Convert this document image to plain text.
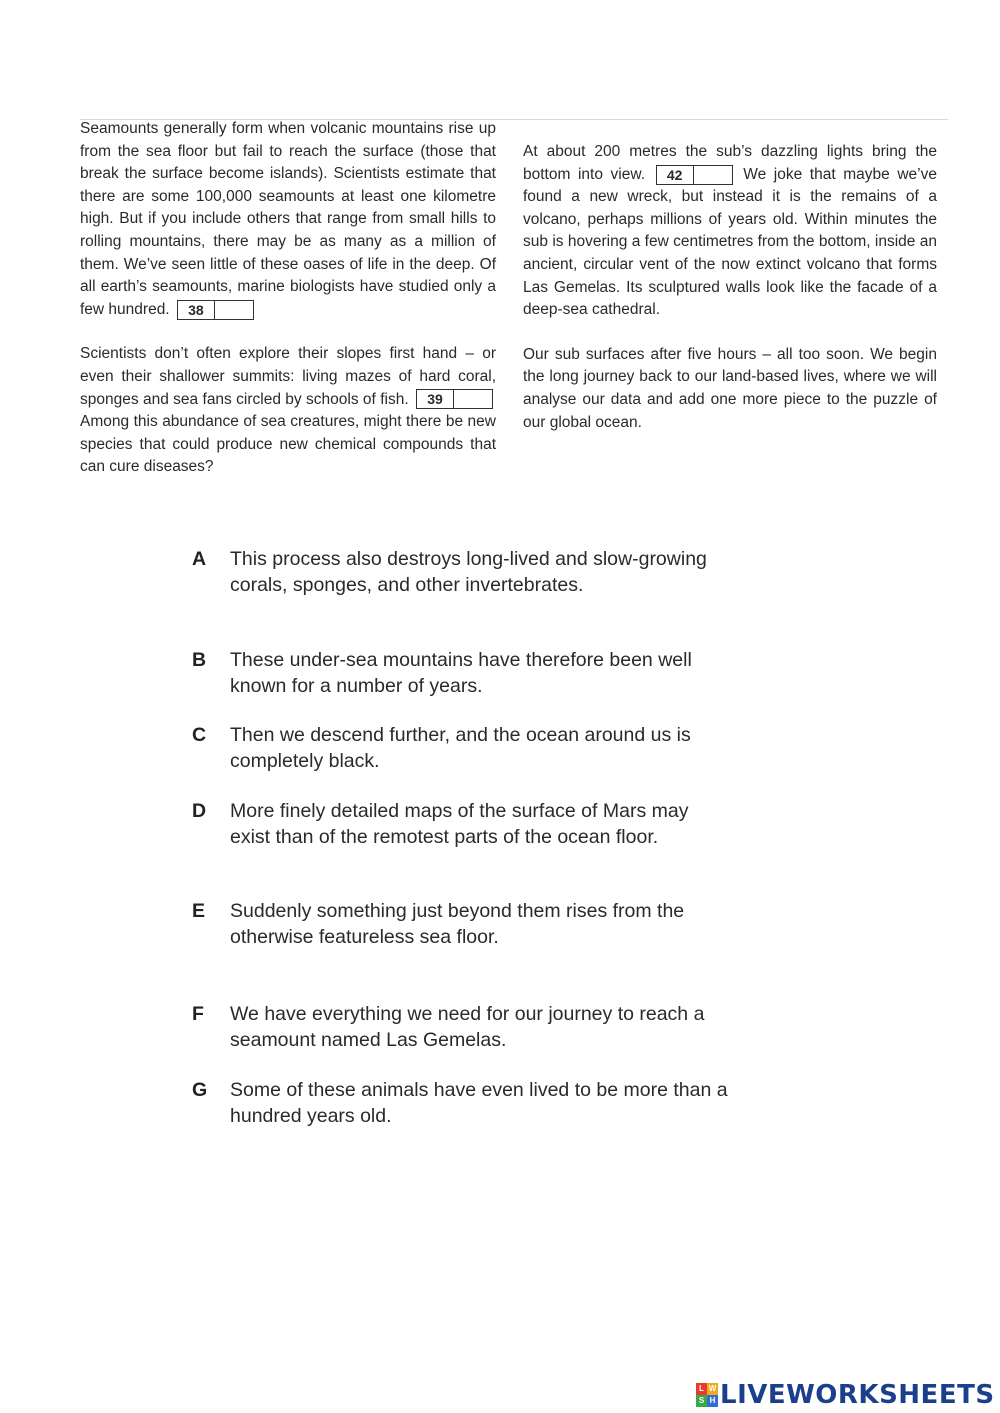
Seamounts generally form when volcanic mountains rise up from the sea floor but fail to reach the surface (those that break the surface become islands). Scientists estimate that there are some 100,000 seamounts at least one kilometre high. But if you include others that range from small hills to rolling mountains, there may be as many as a million of them. We’ve seen little of these oases of life in the deep. Of all earth’s seamounts, marine biologists have studied only a few hundred.	38

Scientists don’t often explore their slopes first hand – or even their shallower summits: living mazes of hard coral, sponges and sea fans circled by schools of fish.	39
Among this abundance of sea creatures, might there be new species that could produce new chemical compounds that can cure diseases?

At about 200 metres the sub’s dazzling lights bring the bottom into view.	42	We joke that maybe we’ve found a new wreck, but instead it is the remains of a volcano, perhaps millions of years old. Within minutes the sub is hovering a few centimetres from the bottom, inside an ancient, circular vent of the now extinct volcano that forms Las Gemelas. Its sculptured walls look like the facade of a deep-sea cathedral.

Our sub surfaces after five hours – all too soon. We begin the long journey back to our land-based lives, where we will analyse our data and add one more piece to the puzzle of our global ocean.

A	This process also destroys long-lived and slow-growing corals, sponges, and other invertebrates.
B	These under-sea mountains have therefore been well known for a number of years.
C	Then we descend further, and the ocean around us is completely black.
D	More finely detailed maps of the surface of Mars may exist than of the remotest parts of the ocean floor.
E	Suddenly something just beyond them rises from the otherwise featureless sea floor.
F	We have everything we need for our journey to reach a seamount named Las Gemelas.
G	Some of these animals have even lived to be more than a hundred years old.
L W
S H LIVEWORKSHEETS
